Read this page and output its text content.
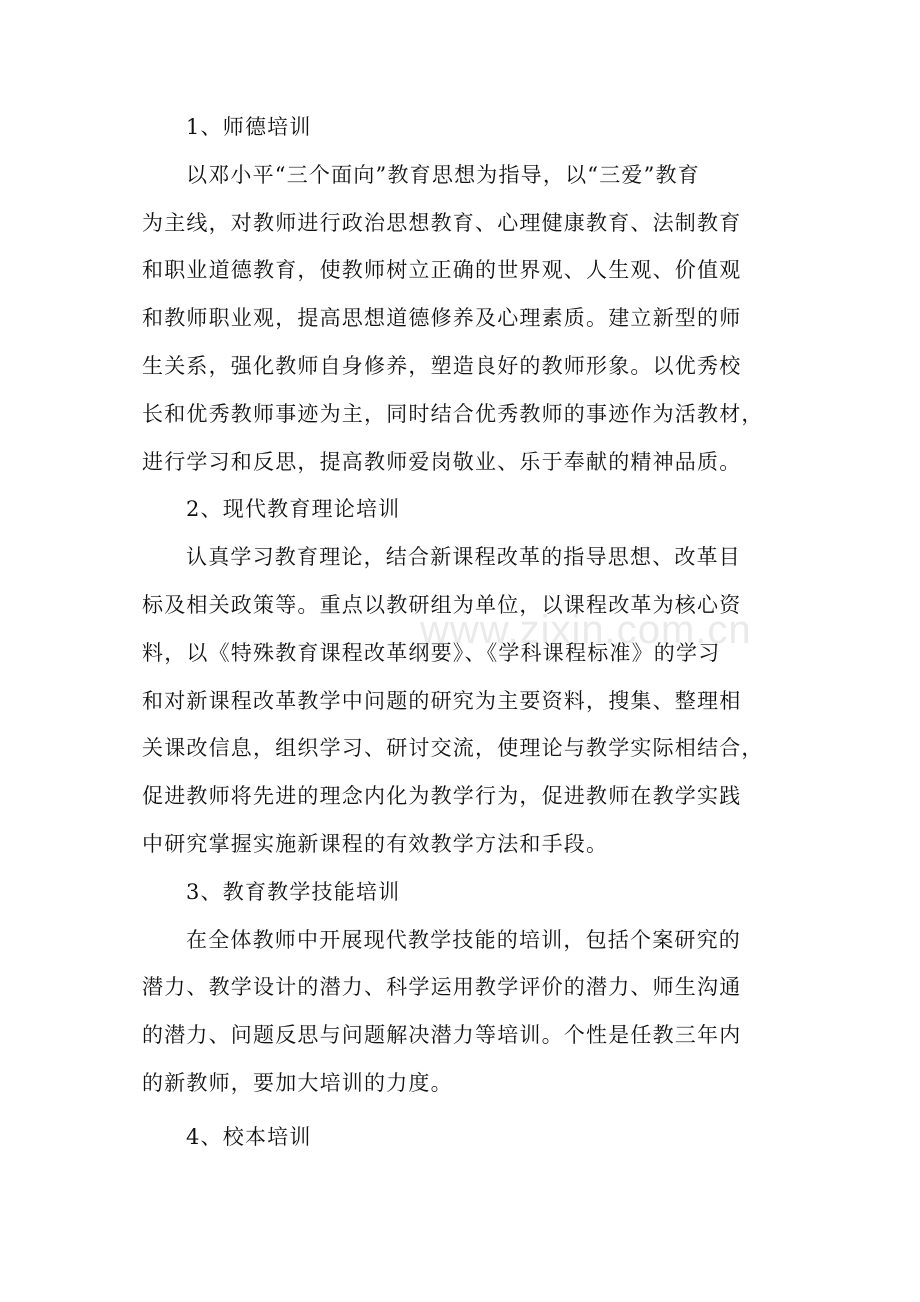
www.zixin.com.cn
1、师德培训
以邓小平“三个面向”教育思想为指导，以“三爱”教育
为主线，对教师进行政治思想教育、心理健康教育、法制教育
和职业道德教育，使教师树立正确的世界观、人生观、价值观
和教师职业观，提高思想道德修养及心理素质。建立新型的师
生关系，强化教师自身修养，塑造良好的教师形象。以优秀校
长和优秀教师事迹为主，同时结合优秀教师的事迹作为活教材，
进行学习和反思，提高教师爱岗敬业、乐于奉献的精神品质。
2、现代教育理论培训
认真学习教育理论，结合新课程改革的指导思想、改革目
标及相关政策等。重点以教研组为单位，以课程改革为核心资
料，以《特殊教育课程改革纲要》、《学科课程标准》的学习
和对新课程改革教学中问题的研究为主要资料，搜集、整理相
关课改信息，组织学习、研讨交流，使理论与教学实际相结合，
促进教师将先进的理念内化为教学行为，促进教师在教学实践
中研究掌握实施新课程的有效教学方法和手段。
3、教育教学技能培训
在全体教师中开展现代教学技能的培训，包括个案研究的
潜力、教学设计的潜力、科学运用教学评价的潜力、师生沟通
的潜力、问题反思与问题解决潜力等培训。个性是任教三年内
的新教师，要加大培训的力度。
4、校本培训
